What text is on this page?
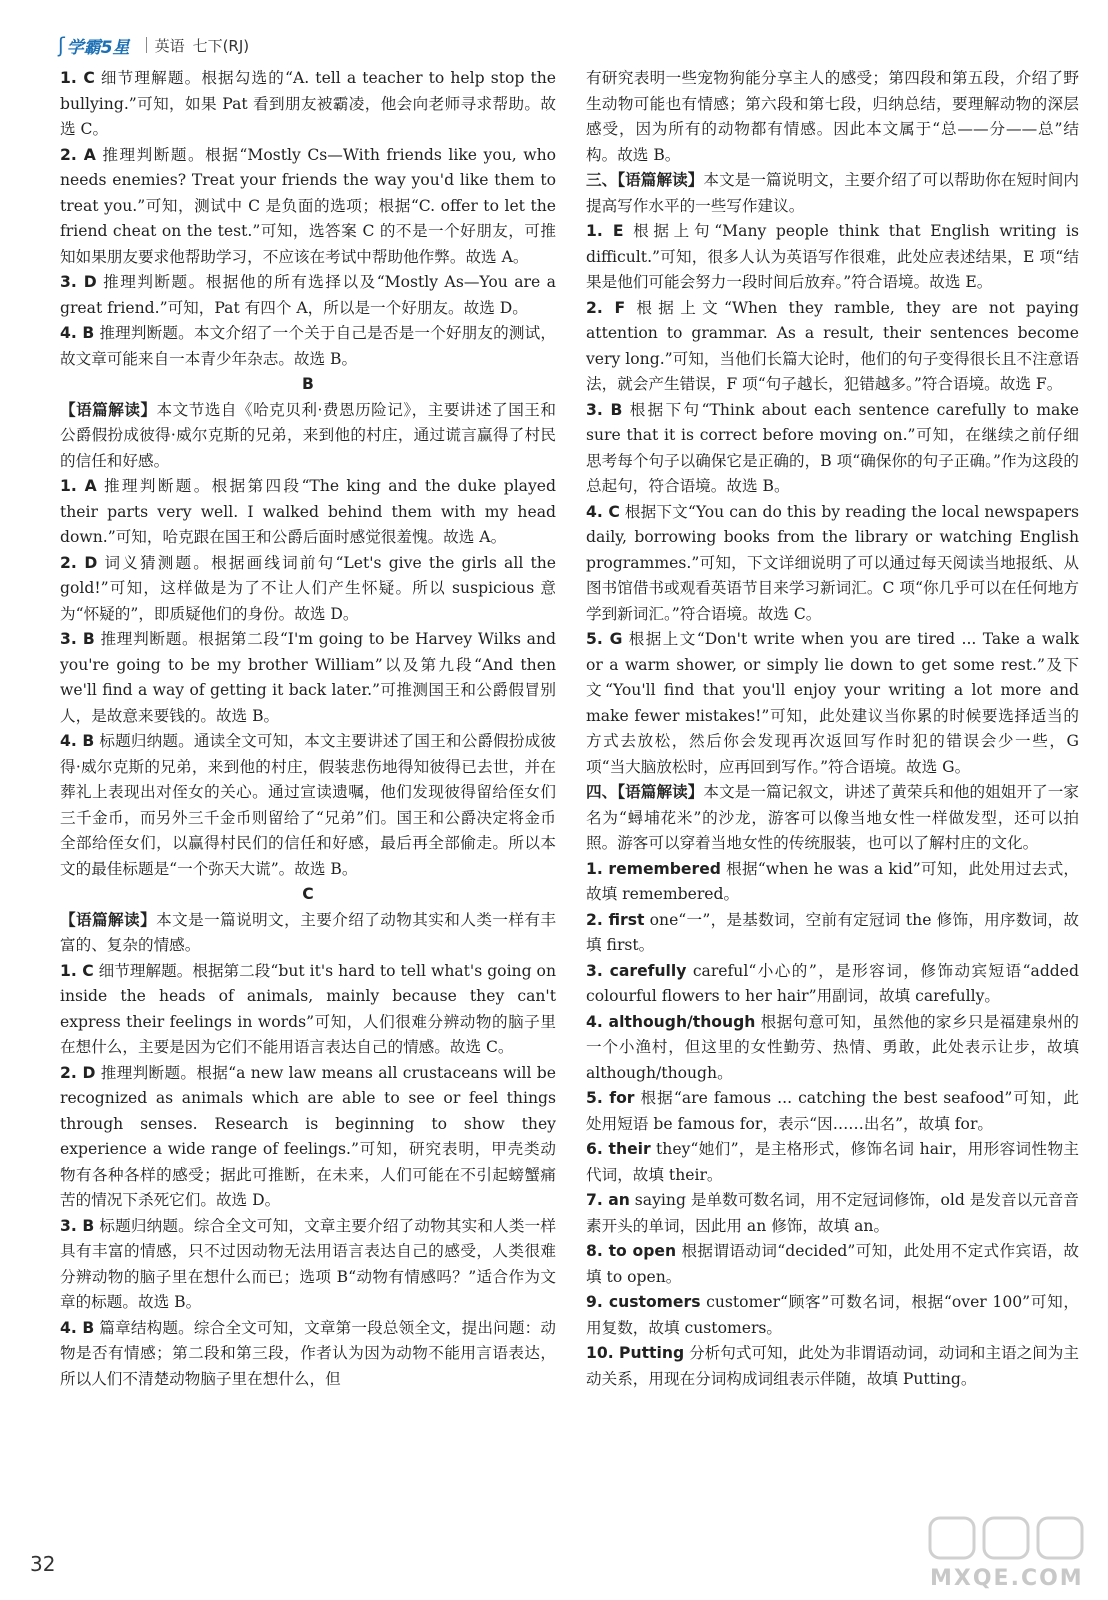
ʃ 学霸5星 英语 七下(RJ)

1. C 细节理解题。根据勾选的“A. tell a teacher to help stop the bullying.”可知，如果 Pat 看到朋友被霸凌，他会向老师寻求帮助。故选 C。

2. A 推理判断题。根据“Mostly Cs—With friends like you, who needs enemies? Treat your friends the way you'd like them to treat you.”可知，测试中 C 是负面的选项；根据“C. offer to let the friend cheat on the test.”可知，选答案 C 的不是一个好朋友，可推知如果朋友要求他帮助学习，不应该在考试中帮助他作弊。故选 A。

3. D 推理判断题。根据他的所有选择以及“Mostly As—You are a great friend.”可知，Pat 有四个 A，所以是一个好朋友。故选 D。

4. B 推理判断题。本文介绍了一个关于自己是否是一个好朋友的测试，故文章可能来自一本青少年杂志。故选 B。

B

【语篇解读】本文节选自《哈克贝利·费恩历险记》，主要讲述了国王和公爵假扮成彼得·威尔克斯的兄弟，来到他的村庄，通过谎言赢得了村民的信任和好感。

1. A 推理判断题。根据第四段“The king and the duke played their parts very well. I walked behind them with my head down.”可知，哈克跟在国王和公爵后面时感觉很羞愧。故选 A。

2. D 词义猜测题。根据画线词前句“Let's give the girls all the gold!”可知，这样做是为了不让人们产生怀疑。所以 suspicious 意为“怀疑的”，即质疑他们的身份。故选 D。

3. B 推理判断题。根据第二段“I'm going to be Harvey Wilks and you're going to be my brother William”以及第九段“And then we'll find a way of getting it back later.”可推测国王和公爵假冒别人，是故意来要钱的。故选 B。

4. B 标题归纳题。通读全文可知，本文主要讲述了国王和公爵假扮成彼得·威尔克斯的兄弟，来到他的村庄，假装悲伤地得知彼得已去世，并在葬礼上表现出对侄女的关心。通过宣读遗嘱，他们发现彼得留给侄女们三千金币，而另外三千金币则留给了“兄弟”们。国王和公爵决定将金币全部给侄女们，以赢得村民们的信任和好感，最后再全部偷走。所以本文的最佳标题是“一个弥天大谎”。故选 B。

C

【语篇解读】本文是一篇说明文，主要介绍了动物其实和人类一样有丰富的、复杂的情感。

1. C 细节理解题。根据第二段“but it's hard to tell what's going on inside the heads of animals, mainly because they can't express their feelings in words”可知，人们很难分辨动物的脑子里在想什么，主要是因为它们不能用语言表达自己的情感。故选 C。

2. D 推理判断题。根据“a new law means all crustaceans will be recognized as animals which are able to see or feel things through senses. Research is beginning to show they experience a wide range of feelings.”可知，研究表明，甲壳类动物有各种各样的感受；据此可推断，在未来，人们可能在不引起螃蟹痛苦的情况下杀死它们。故选 D。

3. B 标题归纳题。综合全文可知，文章主要介绍了动物其实和人类一样具有丰富的情感，只不过因动物无法用语言表达自己的感受，人类很难分辨动物的脑子里在想什么而已；选项 B“动物有情感吗？”适合作为文章的标题。故选 B。

4. B 篇章结构题。综合全文可知，文章第一段总领全文，提出问题：动物是否有情感；第二段和第三段，作者认为因为动物不能用言语表达，所以人们不清楚动物脑子里在想什么，但

有研究表明一些宠物狗能分享主人的感受；第四段和第五段，介绍了野生动物可能也有情感；第六段和第七段，归纳总结，要理解动物的深层感受，因为所有的动物都有情感。因此本文属于“总——分——总”结构。故选 B。

三、【语篇解读】本文是一篇说明文，主要介绍了可以帮助你在短时间内提高写作水平的一些写作建议。

1. E 根据上句“Many people think that English writing is difficult.”可知，很多人认为英语写作很难，此处应表述结果，E 项“结果是他们可能会努力一段时间后放弃。”符合语境。故选 E。

2. F 根据上文“When they ramble, they are not paying attention to grammar. As a result, their sentences become very long.”可知，当他们长篇大论时，他们的句子变得很长且不注意语法，就会产生错误，F 项“句子越长，犯错越多。”符合语境。故选 F。

3. B 根据下句“Think about each sentence carefully to make sure that it is correct before moving on.”可知，在继续之前仔细思考每个句子以确保它是正确的，B 项“确保你的句子正确。”作为这段的总起句，符合语境。故选 B。

4. C 根据下文“You can do this by reading the local newspapers daily, borrowing books from the library or watching English programmes.”可知，下文详细说明了可以通过每天阅读当地报纸、从图书馆借书或观看英语节目来学习新词汇。C 项“你几乎可以在任何地方学到新词汇。”符合语境。故选 C。

5. G 根据上文“Don't write when you are tired ... Take a walk or a warm shower, or simply lie down to get some rest.”及下文“You'll find that you'll enjoy your writing a lot more and make fewer mistakes!”可知，此处建议当你累的时候要选择适当的方式去放松，然后你会发现再次返回写作时犯的错误会少一些，G 项“当大脑放松时，应再回到写作。”符合语境。故选 G。

四、【语篇解读】本文是一篇记叙文，讲述了黄荣兵和他的姐姐开了一家名为“蟳埔花米”的沙龙，游客可以像当地女性一样做发型，还可以拍照。游客可以穿着当地女性的传统服装，也可以了解村庄的文化。

1. remembered 根据“when he was a kid”可知，此处用过去式，故填 remembered。

2. first one“一”，是基数词，空前有定冠词 the 修饰，用序数词，故填 first。

3. carefully careful“小心的”，是形容词，修饰动宾短语“added colourful flowers to her hair”用副词，故填 carefully。

4. although/though 根据句意可知，虽然他的家乡只是福建泉州的一个小渔村，但这里的女性勤劳、热情、勇敢，此处表示让步，故填 although/though。

5. for 根据“are famous ... catching the best seafood”可知，此处用短语 be famous for，表示“因……出名”，故填 for。

6. their they“她们”，是主格形式，修饰名词 hair，用形容词性物主代词，故填 their。

7. an saying 是单数可数名词，用不定冠词修饰，old 是发音以元音音素开头的单词，因此用 an 修饰，故填 an。

8. to open 根据谓语动词“decided”可知，此处用不定式作宾语，故填 to open。

9. customers customer“顾客”可数名词，根据“over 100”可知，用复数，故填 customers。

10. Putting 分析句式可知，此处为非谓语动词，动词和主语之间为主动关系，用现在分词构成词组表示伴随，故填 Putting。

32
MXQE.COM
